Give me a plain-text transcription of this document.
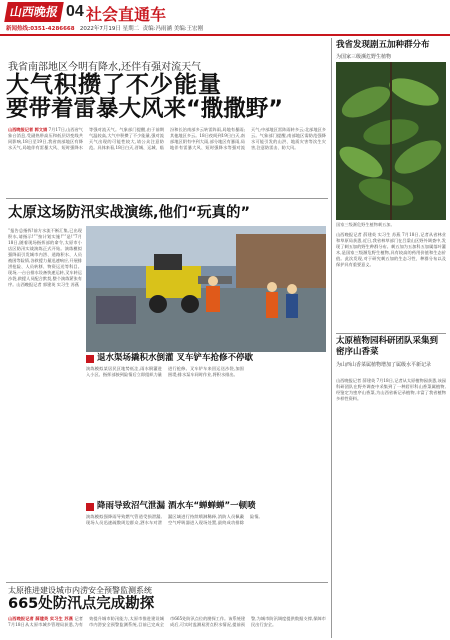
山西晚报 04 社会直通车
新闻热线:0351-4286668 2022年7月19日 星期二 责编:冯雨涵 美编:王宏刚
我省南部地区今明有降水,还伴有强对流天气
大气积攒了不少能量
要带着雷暴大风来“撒撒野”
山西晚报记者 郭文娟 7月17日,山西省气象台消息,受副热带高压和低层切变线共同影响,18日至19日,我省南部地区有降水天气,局地伴有雷暴大风、短时强降水等强对流天气。气象部门提醒,由于前期气温较高,大气中积攒了不少能量,强对流天气出现的可能性较大,请公众注意防范。具体来看,18日白天,晋城、运城、临汾和长治南部多云转雷阵雨,局地有暴雨;其他地区多云。18日夜间到19日白天,南部地区阴有中到大雨,部分地区有暴雨,局地伴有雷暴大风、短时强降水等强对流天气;中部地区雷阵雨转多云;北部地区多云。气象部门提醒,南部地区需防范强降水可能引发的山洪、地质灾害等次生灾害,注意防雷击、防大风。
太原这场防汛实战演练,他们“玩真的”
“报告总指挥!前方水流不断汇集,已出现积水,请指示!”“按计划实施!”“是!”7月18日,随着现场指挥部的命令,太原市小店区防汛实战演练正式开始。演练模拟强降雨引发城市内涝、道路积水、人员被困等险情,各救援力量迅速响应,开展排涝抢险、人员转移、物资运送等科目。现场,一台台排水设备快速运转,叉车转运沙袋,救援人员配合默契,整个演练紧张有序。山西晚报记者 郭建英 实习生 苏燕
退水渠场撬积水倒灌 叉车铲车抢修不停歇
演练模拟某居民区地势低洼,雨水倒灌进入小区。指挥部接到险情后立即组织力量进行抢修。叉车铲车来回运送沙袋,加固围堤;排水泵车同时作业,将积水排出。
降雨导致沼气泄漏 酒水车“蝉蝉蝉”一顿喷
演练模拟强降雨导致燃气管道受损泄漏,现场人员迅速疏散周边群众,洒水车对泄漏区域进行持续喷淋稀释,消防人员佩戴空气呼吸器进入现场处置,最终成功排除险情。
太原推进建设城市内涝安全预警监测系统
665处防汛点完成勘探
山西晚报记者 薛建英 实习生 苏燕 记者7月18日从太原市城乡管理局获悉,为有效提升城市防汛能力,太原市推进建设城市内涝安全预警监测系统,目前已完成全市665处防汛点位的勘探工作。该系统建成后,可实时监测易涝点积水情况,提前预警,为城市防汛调度提供数据支撑,保障市民出行安全。
我省发现剧五加种群分布
为国家三级濒危野生植物
国家三级濒危野生植物刺五加。
山西晚报记者 薛建英 实习生 苏燕 7月18日,记者从省林业和草原局获悉,近日,我省林草部门在吕梁山区野外调查中,发现了刺五加的野生种群分布。刺五加为五加科五加属落叶灌木,是国家三级濒危野生植物,具有较高的药用价值和生态价值。此次发现,对于研究刺五加的生态习性、种群分布以及保护具有重要意义。
太原植物园科研团队采集到密序山香菜
为山西山香菜属植物增加了属级水平新记录
山西晚报记者 薛建英 7月18日,记者从太原植物园获悉,该园科研团队在野外调查中采集到了一种唇形科山香菜属植物,经鉴定为密序山香菜,为山西省新记录植物,丰富了我省植物多样性资料。
